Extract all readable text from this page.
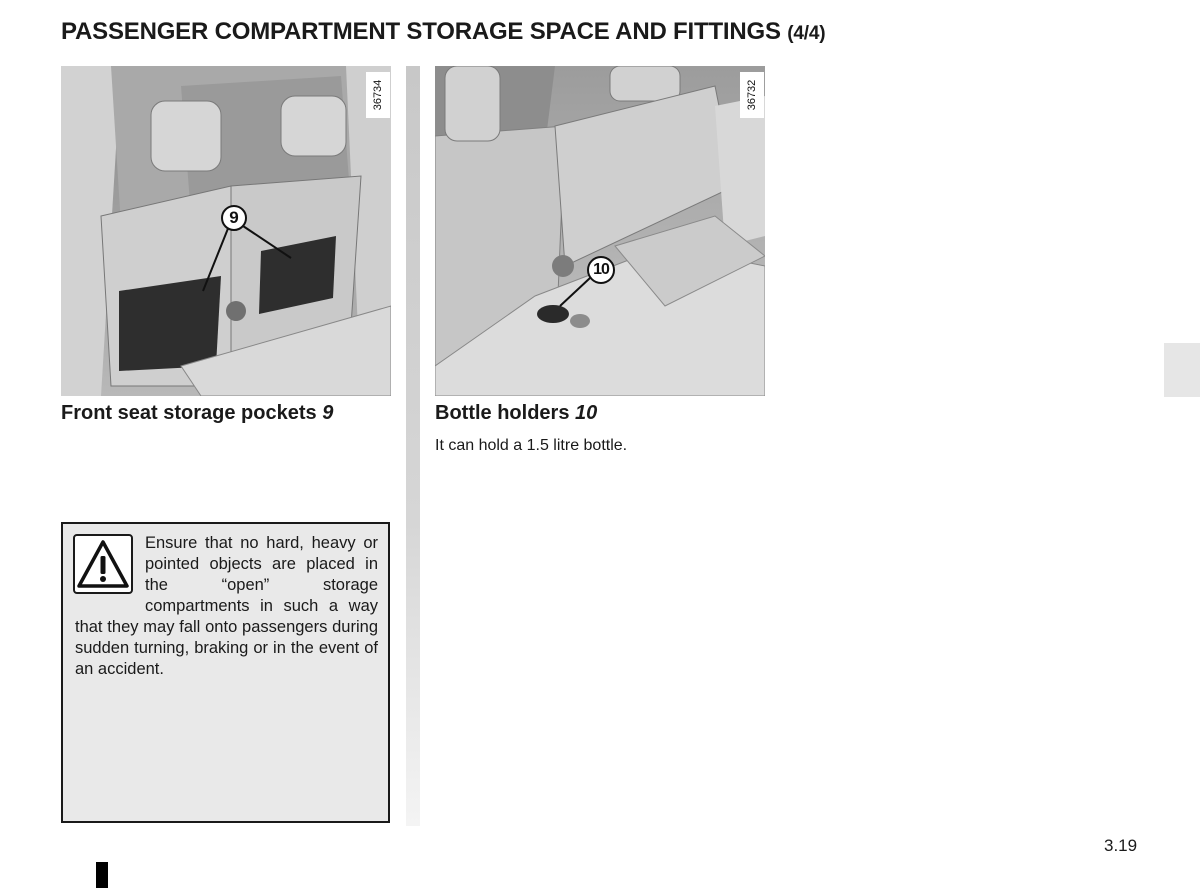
PASSENGER COMPARTMENT STORAGE SPACE AND FITTINGS (4/4)
36734
9
36732
10
Front seat storage pockets 9	Bottle holders 10
It can hold a 1.5 litre bottle.
Ensure that no hard, heavy or pointed objects are placed in the “open” storage compartments in such a way that they may fall onto passengers during sudden turning, braking or in the event of an accident.
3.19
